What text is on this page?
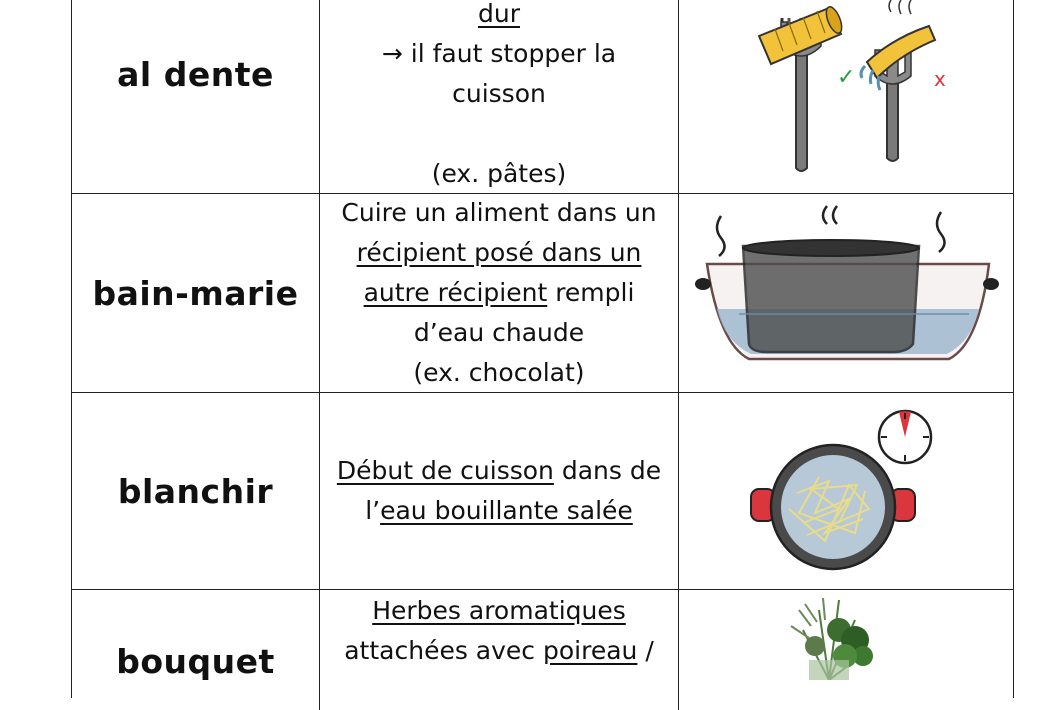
al dente

dur

→ il faut stopper la

cuisson

(ex. pâtes)

✓	x
bain-marie

Cuire un aliment dans un

récipient posé dans un

autre récipient rempli

d’eau chaude

(ex. chocolat)

blanchir

Début de cuisson dans de

l’eau bouillante salée

bouquet

Herbes aromatiques

attachées avec poireau /
